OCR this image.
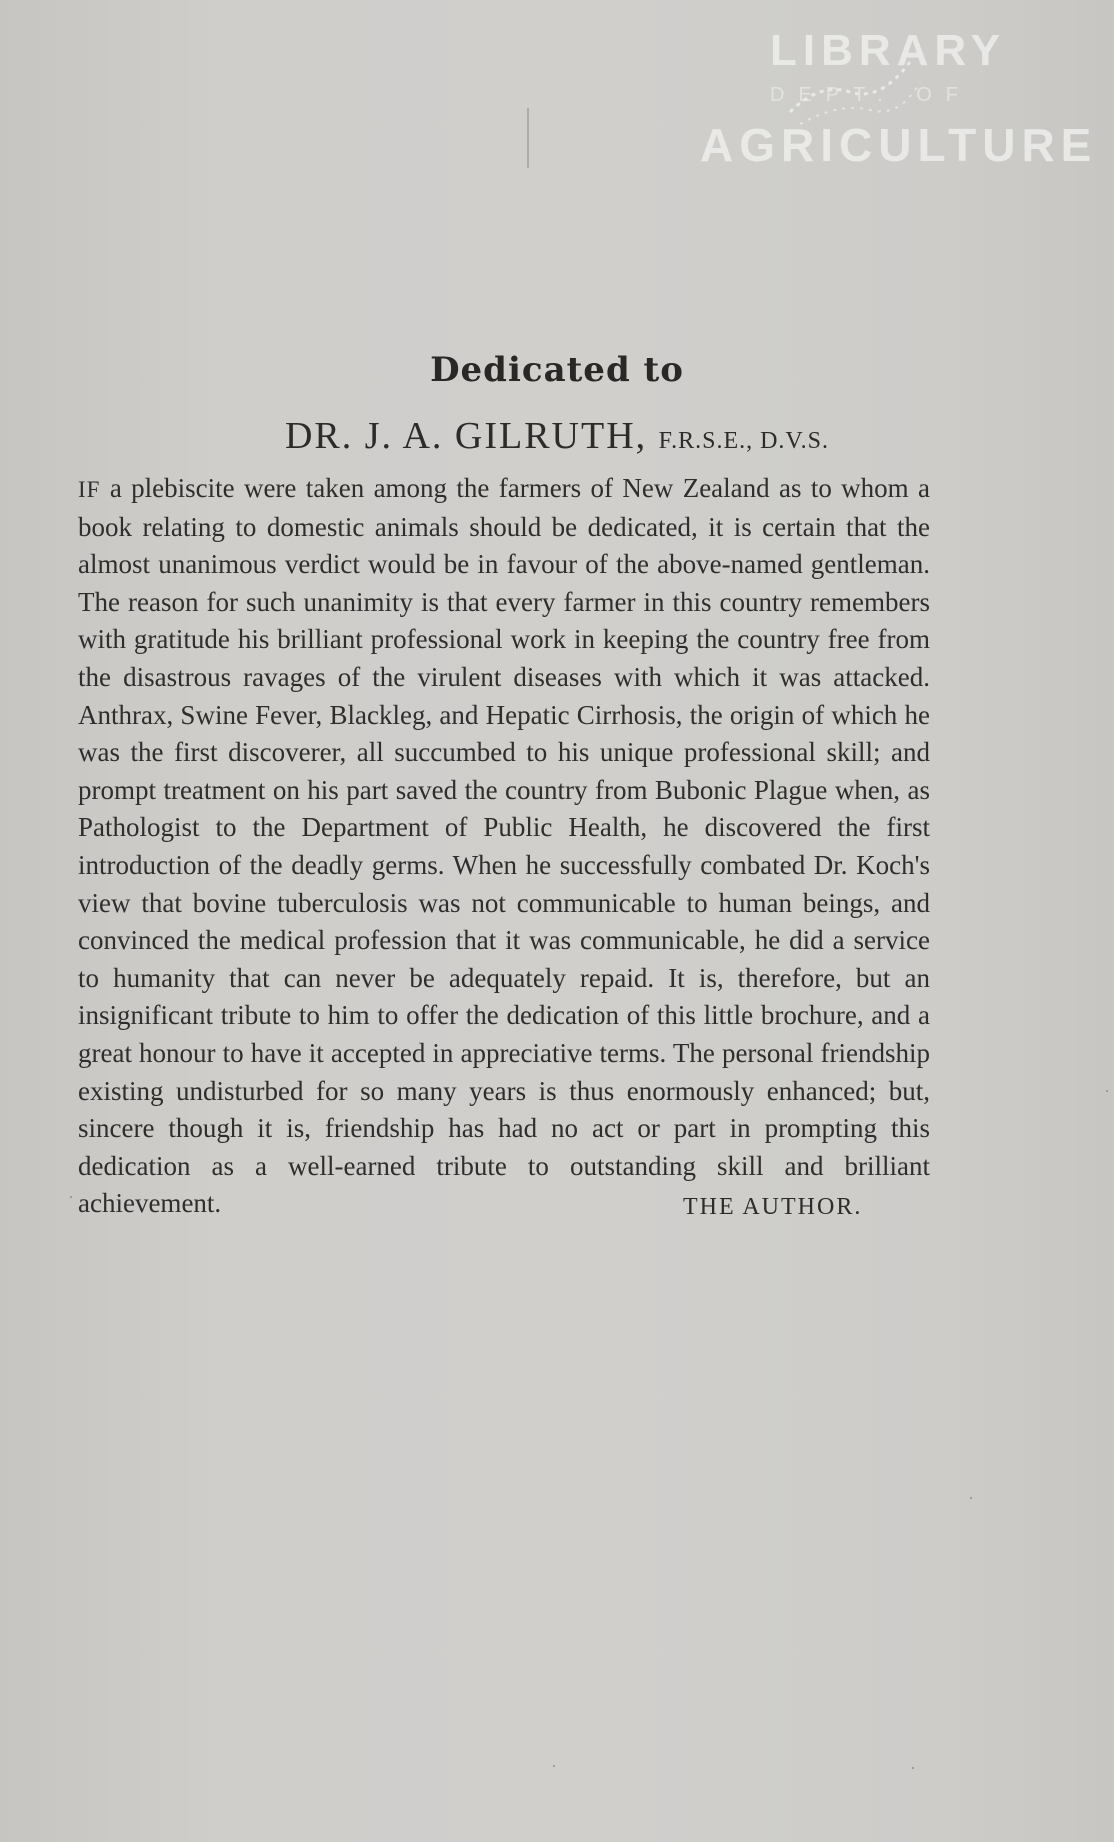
LIBRARY
DEPT. OF
AGRICULTURE
Dedicated to
DR. J. A. GILRUTH, F.R.S.E., D.V.S.
IF a plebiscite were taken among the farmers of New Zealand as to whom a book relating to domestic animals should be dedicated, it is certain that the almost unanimous verdict would be in favour of the above-named gentleman. The reason for such unanimity is that every farmer in this country remembers with gratitude his brilliant professional work in keeping the country free from the disastrous ravages of the virulent diseases with which it was attacked. Anthrax, Swine Fever, Blackleg, and Hepatic Cirrhosis, the origin of which he was the first discoverer, all succumbed to his unique professional skill; and prompt treatment on his part saved the country from Bubonic Plague when, as Pathologist to the Department of Public Health, he discovered the first introduction of the deadly germs. When he successfully combated Dr. Koch's view that bovine tuberculosis was not communicable to human beings, and convinced the medical profession that it was communicable, he did a service to humanity that can never be adequately repaid. It is, therefore, but an insignificant tribute to him to offer the dedication of this little brochure, and a great honour to have it accepted in appreciative terms. The personal friendship existing undisturbed for so many years is thus enormously enhanced; but, sincere though it is, friendship has had no act or part in prompting this dedication as a well-earned tribute to outstanding skill and brilliant achievement.	THE AUTHOR.
